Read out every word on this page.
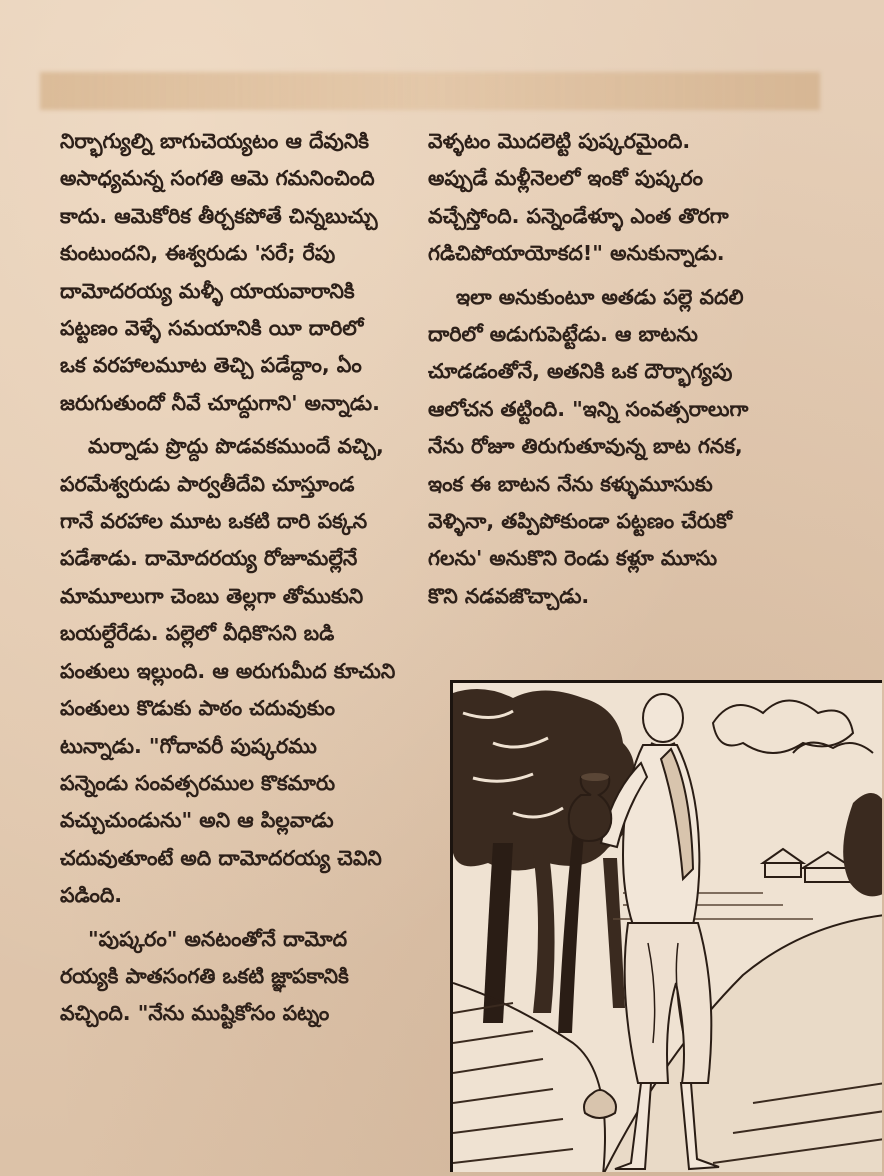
నిర్భాగ్యుల్ని బాగుచెయ్యటం ఆ దేవునికి
అసాధ్యమన్న సంగతి ఆమె గమనించింది
కాదు. ఆమెకోరిక తీర్చకపోతే చిన్నబుచ్చు
కుంటుందని, ఈశ్వరుడు 'సరే; రేపు
దామోదరయ్య మళ్ళీ యాయవారానికి
పట్టణం వెళ్ళే సమయానికి యీ దారిలో
ఒక వరహాలమూట తెచ్చి పడేద్దాం, ఏం
జరుగుతుందో నీవే చూద్దుగాని' అన్నాడు.

మర్నాడు ప్రొద్దు పొడవకముందే వచ్చి,
పరమేశ్వరుడు పార్వతీదేవి చూస్తూండ
గానే వరహాల మూట ఒకటి దారి పక్కన
పడేశాడు. దామోదరయ్య రోజూమల్లేనే
మామూలుగా చెంబు తెల్లగా తోముకుని
బయల్దేరేడు. పల్లెలో వీధికొసని బడి
పంతులు ఇల్లుంది. ఆ అరుగుమీద కూచుని
పంతులు కొడుకు పాఠం చదువుకుం
టున్నాడు. "గోదావరీ పుష్కరము
పన్నెండు సంవత్సరముల కొకమారు
వచ్చుచుండును" అని ఆ పిల్లవాడు
చదువుతూంటే అది దామోదరయ్య చెవిని
పడింది.

"పుష్కరం" అనటంతోనే దామోద
రయ్యకి పాతసంగతి ఒకటి జ్ఞాపకానికి
వచ్చింది. "నేను ముష్టికోసం పట్నం

వెళ్ళటం మొదలెట్టి పుష్కరమైంది.
అప్పుడే మళ్లీనెలలో ఇంకో పుష్కరం
వచ్చేస్తోంది. పన్నెండేళ్ళూ ఎంత తొరగా
గడిచిపోయాయోకద!" అనుకున్నాడు.

ఇలా అనుకుంటూ అతడు పల్లె వదలి
దారిలో అడుగుపెట్టేడు. ఆ బాటను
చూడడంతోనే, అతనికి ఒక దౌర్భాగ్యపు
ఆలోచన తట్టింది. "ఇన్ని సంవత్సరాలుగా
నేను రోజూ తిరుగుతూవున్న బాట గనక,
ఇంక ఈ బాటన నేను కళ్ళుమూసుకు
వెళ్ళినా, తప్పిపోకుండా పట్టణం చేరుకో
గలను' అనుకొని రెండు కళ్లూ మూసు
కొని నడవజొచ్చాడు.
